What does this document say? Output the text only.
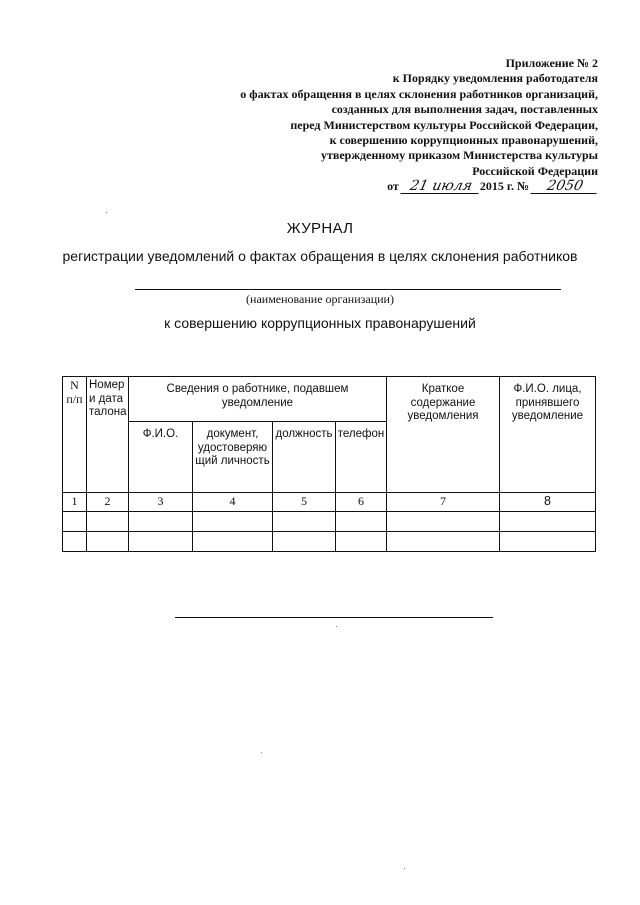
Приложение № 2
к Порядку уведомления работодателя
о фактах обращения в целях склонения работников организаций,
созданных для выполнения задач, поставленных
перед Министерством культуры Российской Федерации,
к совершению коррупционных правонарушений,
утвержденному приказом Министерства культуры
Российской Федерации
от 21 июля 2015 г. № 2050
ЖУРНАЛ
регистрации уведомлений о фактах обращения в целях склонения работников
(наименование организации)
к совершению коррупционных правонарушений
N п/п	Номер и дата талона	Сведения о работнике, подавшем уведомление				Краткое содержание уведомления	Ф.И.О. лица, принявшего уведомление
		Ф.И.О.	документ, удостоверяю щий личность	должность	телефон		
1	2	3	4	5	6	7	8
